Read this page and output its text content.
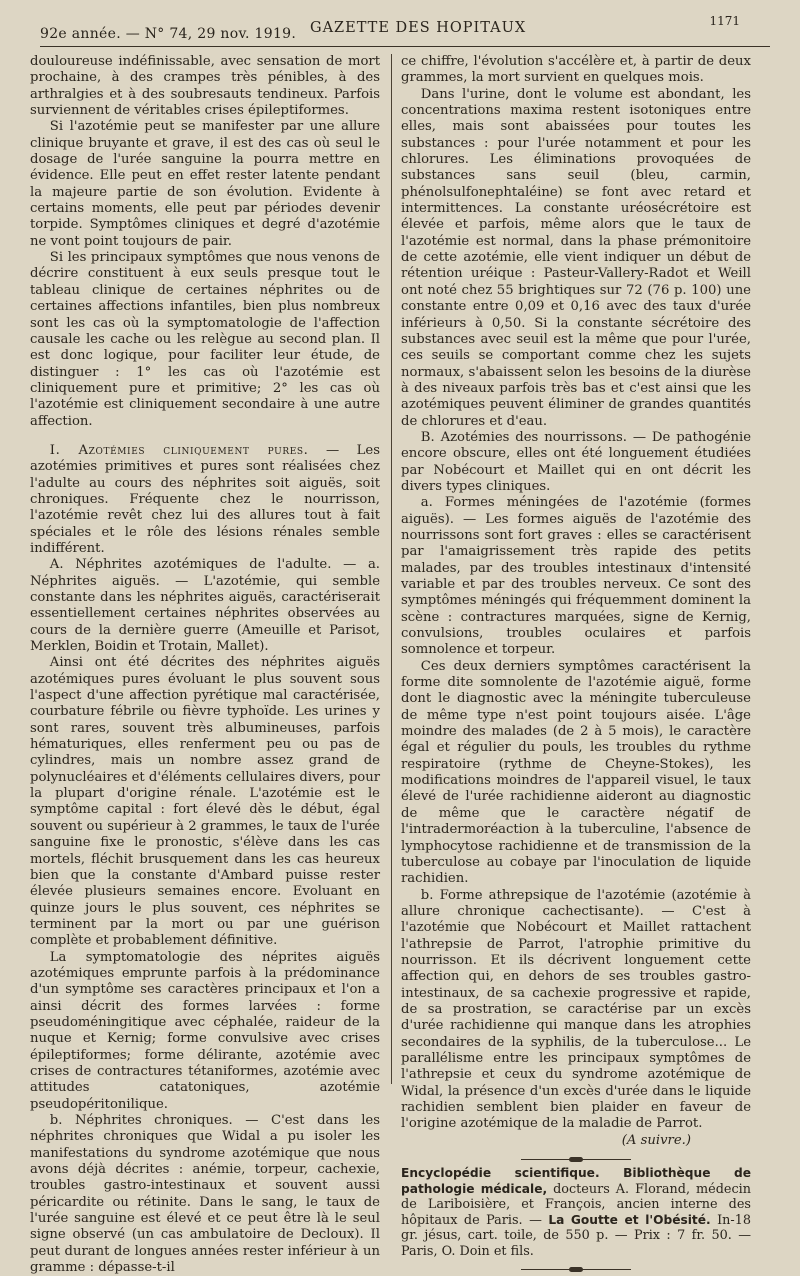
92e année. — N° 74, 29 nov. 1919. GAZETTE DES HOPITAUX	1171

douloureuse indéfinissable, avec sensation de mort prochaine, à des crampes très pénibles, à des arthralgies et à des soubresauts tendineux. Parfois surviennent de véritables crises épileptiformes.

Si l'azotémie peut se manifester par une allure clinique bruyante et grave, il est des cas où seul le dosage de l'urée sanguine la pourra mettre en évidence. Elle peut en effet rester latente pendant la majeure partie de son évolution. Evidente à certains moments, elle peut par périodes devenir torpide. Symptômes cliniques et degré d'azotémie ne vont point toujours de pair.

Si les principaux symptômes que nous venons de décrire constituent à eux seuls presque tout le tableau clinique de certaines néphrites ou de certaines affections infantiles, bien plus nombreux sont les cas où la symptomatologie de l'affection causale les cache ou les relègue au second plan. Il est donc logique, pour faciliter leur étude, de distinguer : 1° les cas où l'azotémie est cliniquement pure et primitive; 2° les cas où l'azotémie est cliniquement secondaire à une autre affection.

I. Azotémies cliniquement pures. — Les azotémies primitives et pures sont réalisées chez l'adulte au cours des néphrites soit aiguës, soit chroniques. Fréquente chez le nourrisson, l'azotémie revêt chez lui des allures tout à fait spéciales et le rôle des lésions rénales semble indifférent.

A. Néphrites azotémiques de l'adulte. — a. Néphrites aiguës. — L'azotémie, qui semble constante dans les néphrites aiguës, caractériserait essentiellement certaines néphrites observées au cours de la dernière guerre (Ameuille et Parisot, Merklen, Boidin et Trotain, Mallet).

Ainsi ont été décrites des néphrites aiguës azotémiques pures évoluant le plus souvent sous l'aspect d'une affection pyrétique mal caractérisée, courbature fébrile ou fièvre typhoïde. Les urines y sont rares, souvent très albumineuses, parfois hématuriques, elles renferment peu ou pas de cylindres, mais un nombre assez grand de polynucléaires et d'éléments cellulaires divers, pour la plupart d'origine rénale. L'azotémie est le symptôme capital : fort élevé dès le début, égal souvent ou supérieur à 2 grammes, le taux de l'urée sanguine fixe le pronostic, s'élève dans les cas mortels, fléchit brusquement dans les cas heureux bien que la constante d'Ambard puisse rester élevée plusieurs semaines encore. Evoluant en quinze jours le plus souvent, ces néphrites se terminent par la mort ou par une guérison complète et probablement définitive.

La symptomatologie des néprites aiguës azotémiques emprunte parfois à la prédominance d'un symptôme ses caractères principaux et l'on a ainsi décrit des formes larvées : forme pseudoméningitique avec céphalée, raideur de la nuque et Kernig; forme convulsive avec crises épileptiformes; forme délirante, azotémie avec crises de contractures tétaniformes, azotémie avec attitudes catatoniques, azotémie pseudopéritonilique.

b. Néphrites chroniques. — C'est dans les néphrites chroniques que Widal a pu isoler les manifestations du syndrome azotémique que nous avons déjà décrites : anémie, torpeur, cachexie, troubles gastro-intestinaux et souvent aussi péricardite ou rétinite. Dans le sang, le taux de l'urée sanguine est élevé et ce peut être là le seul signe observé (un cas ambulatoire de Decloux). Il peut durant de longues années rester inférieur à un gramme : dépasse-t-il

ce chiffre, l'évolution s'accélère et, à partir de deux grammes, la mort survient en quelques mois.

Dans l'urine, dont le volume est abondant, les concentrations maxima restent isotoniques entre elles, mais sont abaissées pour toutes les substances : pour l'urée notamment et pour les chlorures. Les éliminations provoquées de substances sans seuil (bleu, carmin, phénolsulfonephtaléine) se font avec retard et intermittences. La constante uréosécrétoire est élevée et parfois, même alors que le taux de l'azotémie est normal, dans la phase prémonitoire de cette azotémie, elle vient indiquer un début de rétention uréique : Pasteur-Vallery-Radot et Weill ont noté chez 55 brightiques sur 72 (76 p. 100) une constante entre 0,09 et 0,16 avec des taux d'urée inférieurs à 0,50. Si la constante sécrétoire des substances avec seuil est la même que pour l'urée, ces seuils se comportant comme chez les sujets normaux, s'abaissent selon les besoins de la diurèse à des niveaux parfois très bas et c'est ainsi que les azotémiques peuvent éliminer de grandes quantités de chlorures et d'eau.

B. Azotémies des nourrissons. — De pathogénie encore obscure, elles ont été longuement étudiées par Nobécourt et Maillet qui en ont décrit les divers types cliniques.

a. Formes méningées de l'azotémie (formes aiguës). — Les formes aiguës de l'azotémie des nourrissons sont fort graves : elles se caractérisent par l'amaigrissement très rapide des petits malades, par des troubles intestinaux d'intensité variable et par des troubles nerveux. Ce sont des symptômes méningés qui fréquemment dominent la scène : contractures marquées, signe de Kernig, convulsions, troubles oculaires et parfois somnolence et torpeur.

Ces deux derniers symptômes caractérisent la forme dite somnolente de l'azotémie aiguë, forme dont le diagnostic avec la méningite tuberculeuse de même type n'est point toujours aisée. L'âge moindre des malades (de 2 à 5 mois), le caractère égal et régulier du pouls, les troubles du rythme respiratoire (rythme de Cheyne-Stokes), les modifications moindres de l'appareil visuel, le taux élevé de l'urée rachidienne aideront au diagnostic de même que le caractère négatif de l'intradermoréaction à la tuberculine, l'absence de lymphocytose rachidienne et de transmission de la tuberculose au cobaye par l'inoculation de liquide rachidien.

b. Forme athrepsique de l'azotémie (azotémie à allure chronique cachectisante). — C'est à l'azotémie que Nobécourt et Maillet rattachent l'athrepsie de Parrot, l'atrophie primitive du nourrisson. Et ils décrivent longuement cette affection qui, en dehors de ses troubles gastro-intestinaux, de sa cachexie progressive et rapide, de sa prostration, se caractérise par un excès d'urée rachidienne qui manque dans les atrophies secondaires de la syphilis, de la tuberculose... Le parallélisme entre les principaux symptômes de l'athrepsie et ceux du syndrome azotémique de Widal, la présence d'un excès d'urée dans le liquide rachidien semblent bien plaider en faveur de l'origine azotémique de la maladie de Parrot.

(A suivre.)

Encyclopédie scientifique. Bibliothèque de pathologie médicale, docteurs A. Florand, médecin de Lariboisière, et François, ancien interne des hôpitaux de Paris. — La Goutte et l'Obésité. In-18 gr. jésus, cart. toile, de 550 p. — Prix : 7 fr. 50. — Paris, O. Doin et fils.
